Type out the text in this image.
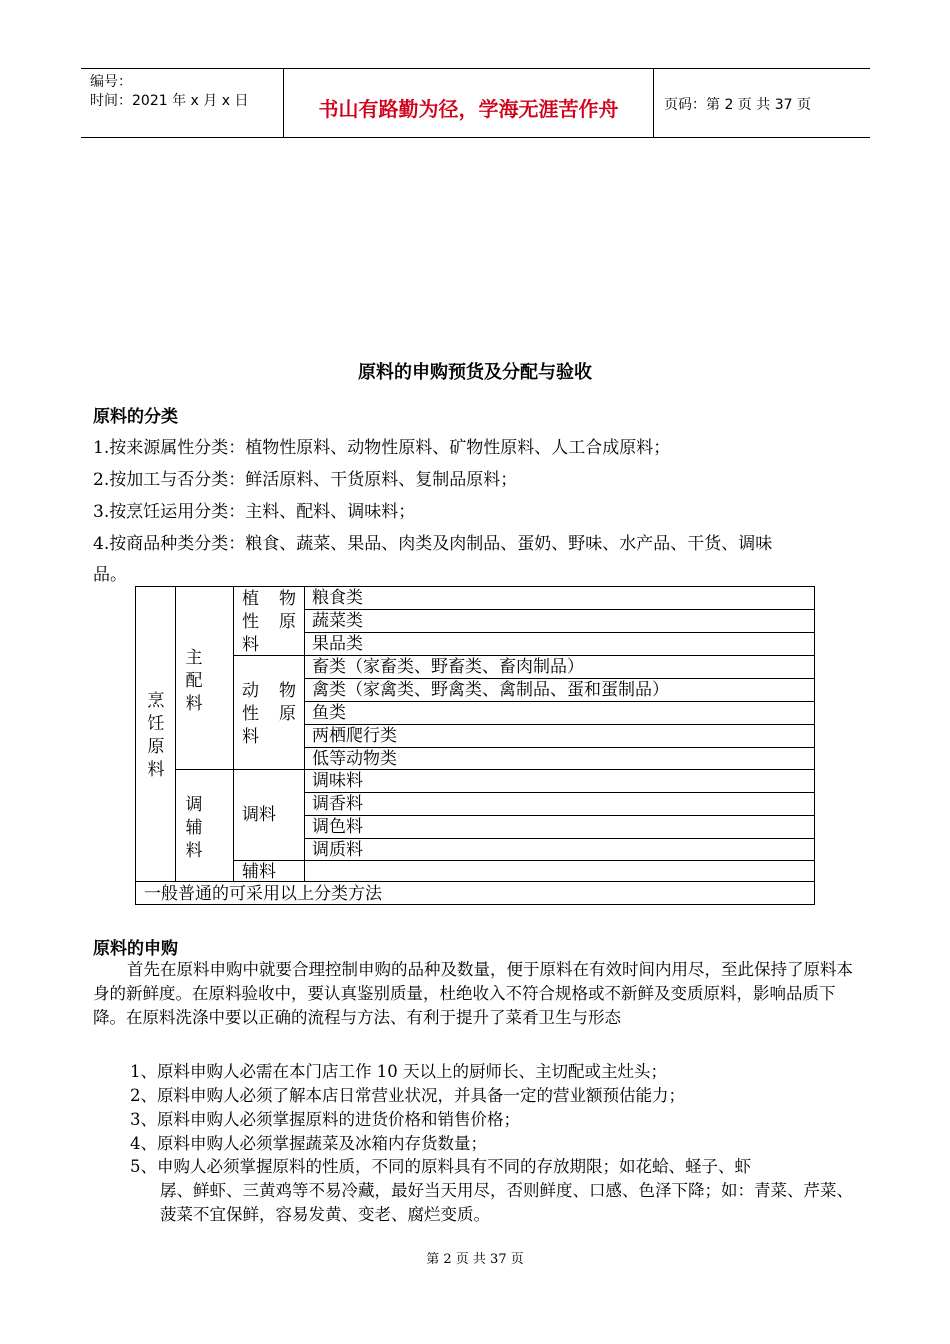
编号：
时间：2021 年 x 月 x 日	书山有路勤为径，学海无涯苦作舟	页码：第 2 页 共 37 页
原料的申购预货及分配与验收
原料的分类
1.按来源属性分类：植物性原料、动物性原料、矿物性原料、人工合成原料；
2.按加工与否分类：鲜活原料、干货原料、复制品原料；
3.按烹饪运用分类：主料、配料、调味料；
4.按商品种类分类：粮食、蔬菜、果品、肉类及肉制品、蛋奶、野味、水产品、干货、调味
品。
烹饪原料
主配料
调辅料
植 物
性 原
料
动 物
性 原
料
调料
辅料
粮食类
蔬菜类
果品类
畜类（家畜类、野畜类、畜肉制品）
禽类（家禽类、野禽类、禽制品、蛋和蛋制品）
鱼类
两栖爬行类
低等动物类
调味料
调香料
调色料
调质料
一般普通的可采用以上分类方法
原料的申购
首先在原料申购中就要合理控制申购的品种及数量，便于原料在有效时间内用尽，至此保持了原料本身的新鲜度。在原料验收中，要认真鉴别质量，杜绝收入不符合规格或不新鲜及变质原料，影响品质下降。在原料洗涤中要以正确的流程与方法、有利于提升了菜肴卫生与形态
1、原料申购人必需在本门店工作 10 天以上的厨师长、主切配或主灶头；
2、原料申购人必须了解本店日常营业状况，并具备一定的营业额预估能力；
3、原料申购人必须掌握原料的进货价格和销售价格；
4、原料申购人必须掌握蔬菜及冰箱内存货数量；
5、申购人必须掌握原料的性质，不同的原料具有不同的存放期限；如花蛤、蛏子、虾
孱、鲜虾、三黄鸡等不易冷藏，最好当天用尽，否则鲜度、口感、色泽下降；如：青菜、芹菜、菠菜不宜保鲜，容易发黄、变老、腐烂变质。
第 2 页 共 37 页
